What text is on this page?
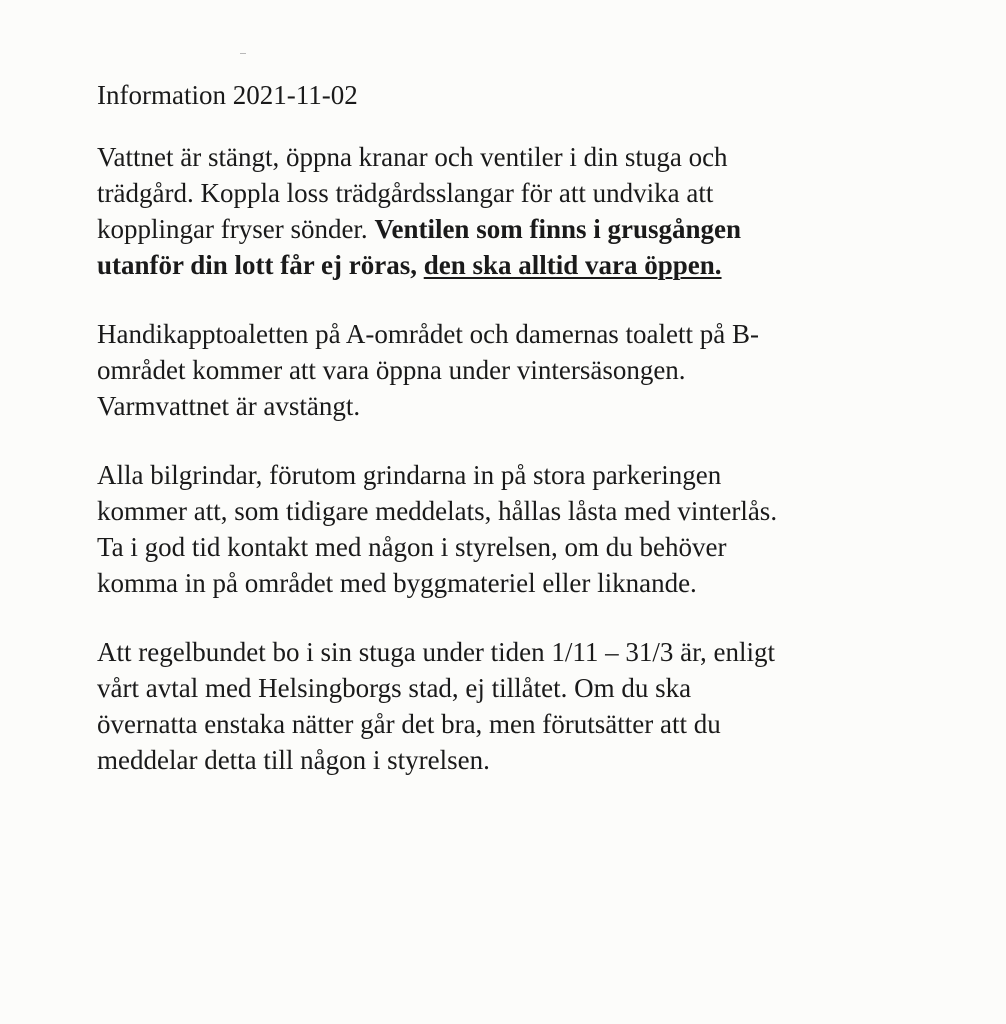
Information 2021-11-02
Vattnet är stängt, öppna kranar och ventiler i din stuga och
trädgård. Koppla loss trädgårdsslangar för att undvika att
kopplingar fryser sönder. Ventilen som finns i grusgången
utanför din lott får ej röras, den ska alltid vara öppen.
Handikapptoaletten på A-området och damernas toalett på B-
området kommer att vara öppna under vintersäsongen.
Varmvattnet är avstängt.
Alla bilgrindar, förutom grindarna in på stora parkeringen
kommer att, som tidigare meddelats, hållas låsta med vinterlås.
Ta i god tid kontakt med någon i styrelsen, om du behöver
komma in på området med byggmateriel eller liknande.
Att regelbundet bo i sin stuga under tiden 1/11 – 31/3 är, enligt
vårt avtal med Helsingborgs stad, ej tillåtet. Om du ska
övernatta enstaka nätter går det bra, men förutsätter att du
meddelar detta till någon i styrelsen.
